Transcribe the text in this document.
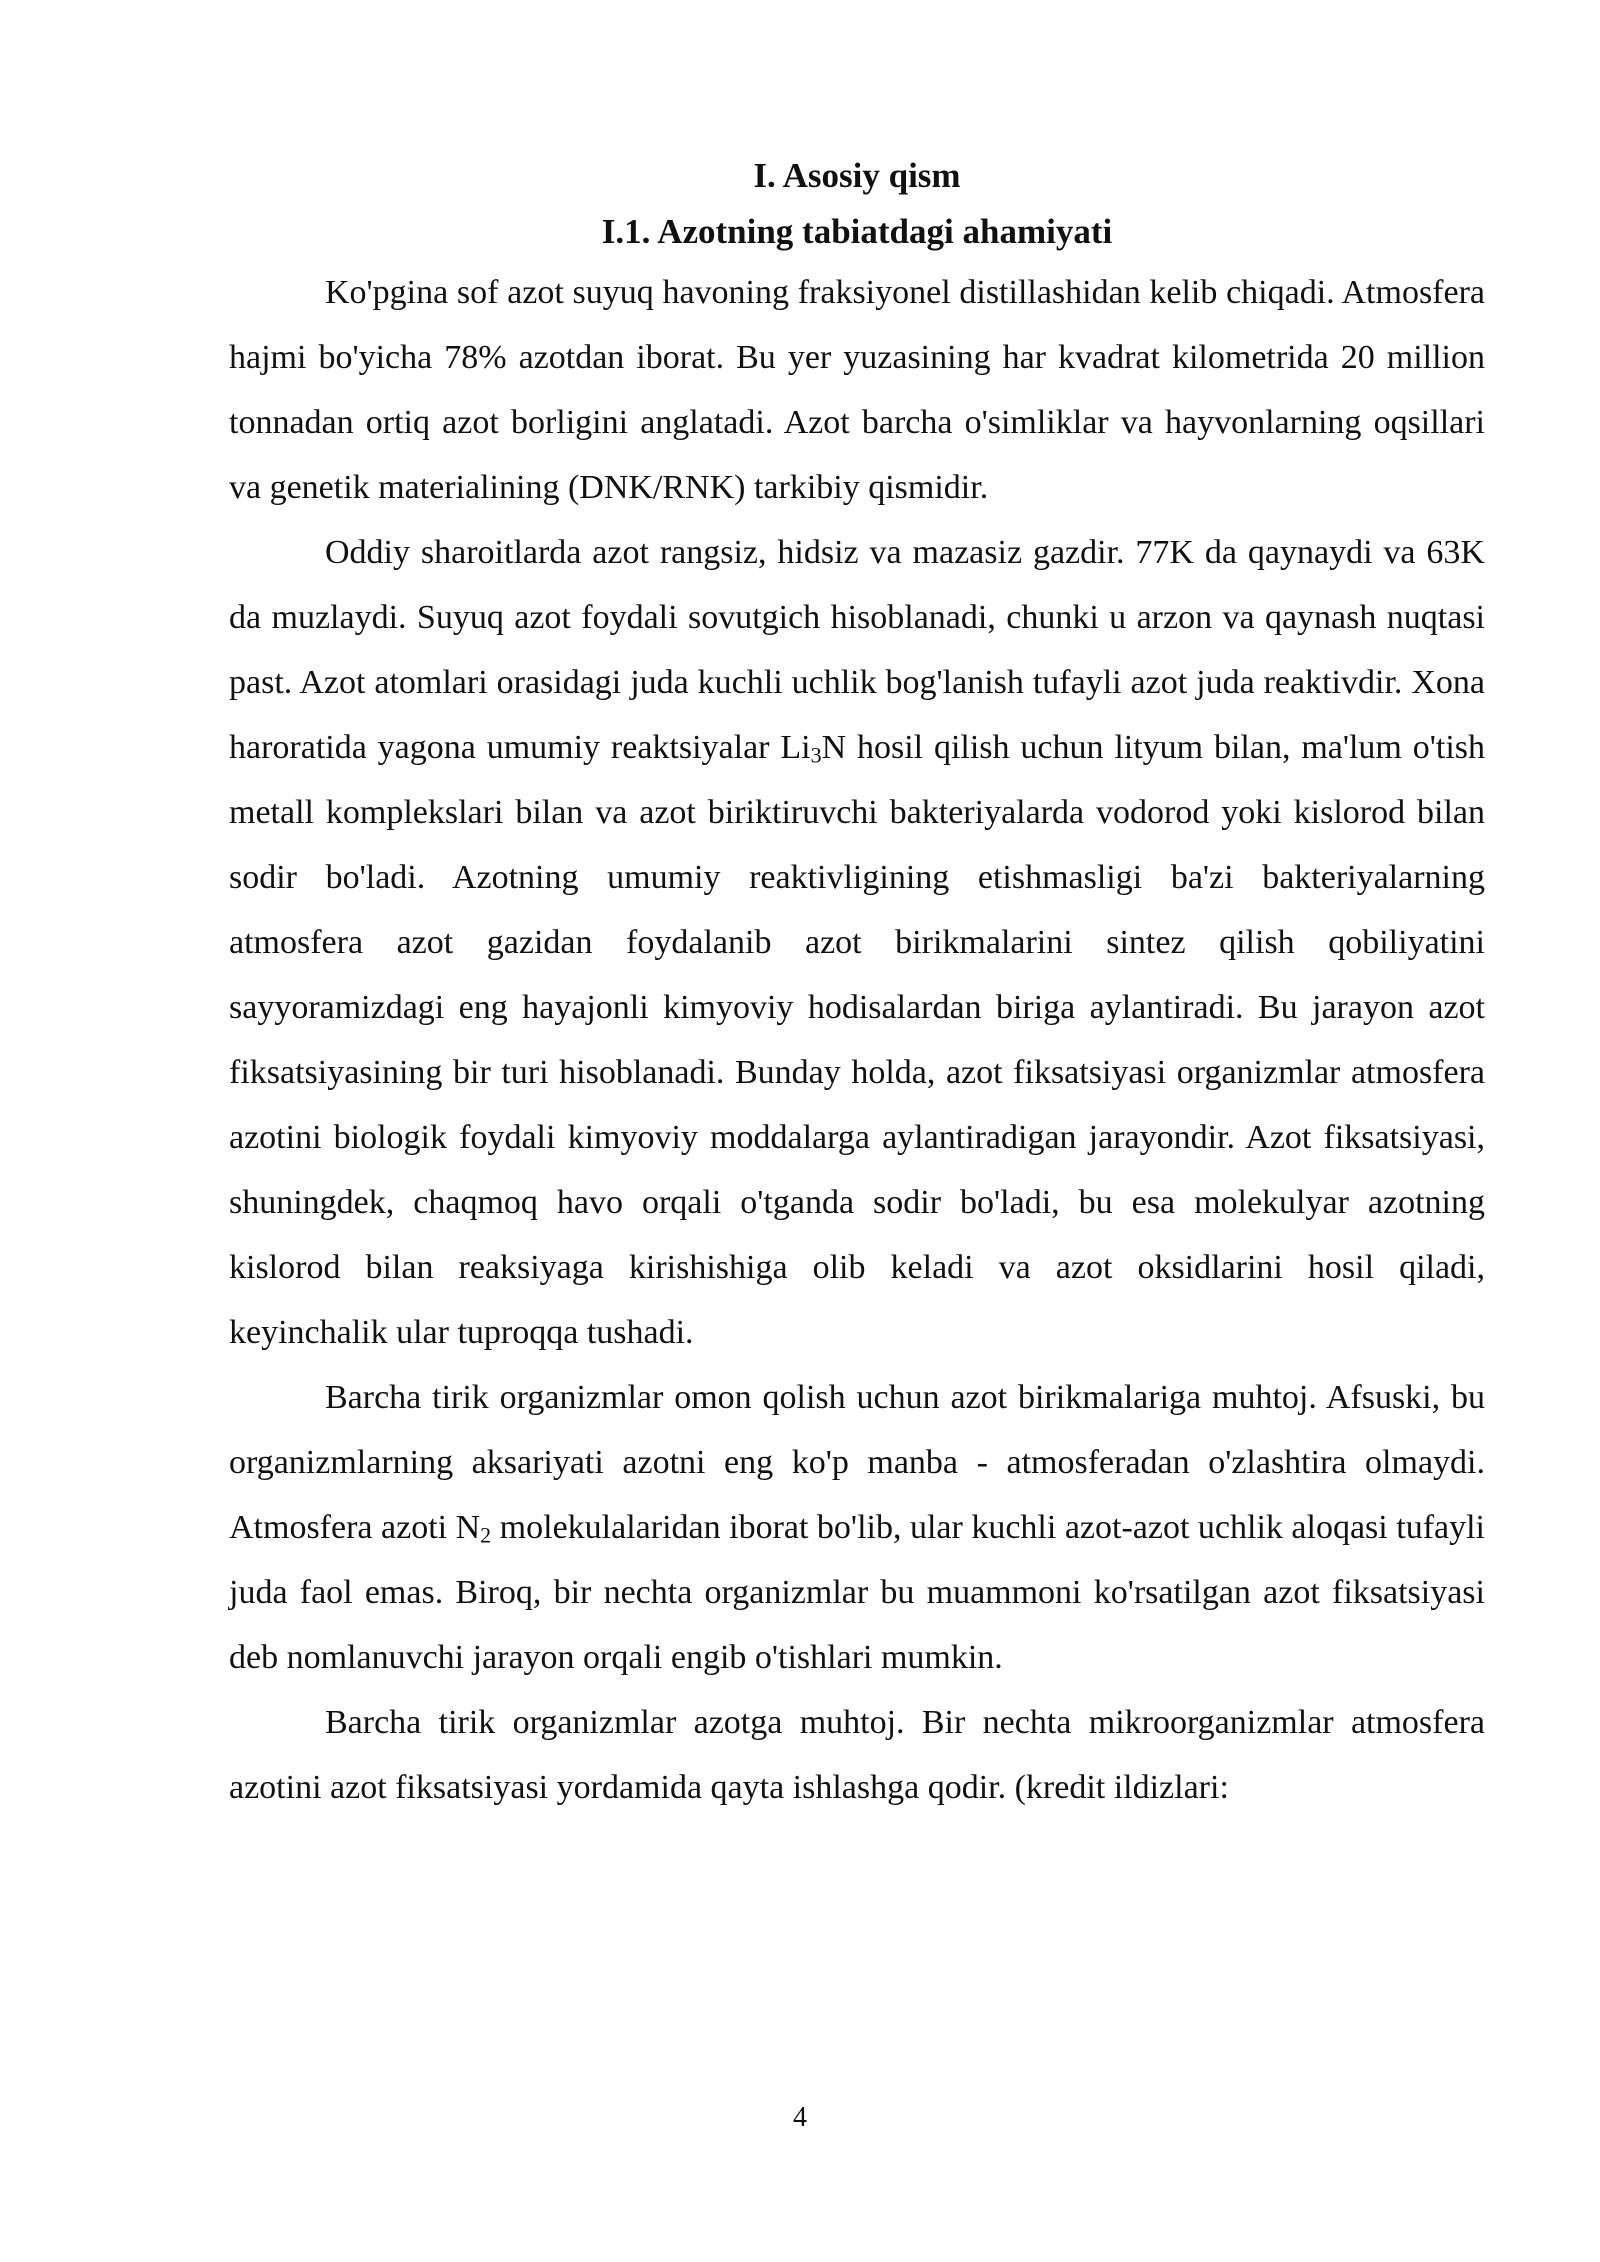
I. Asosiy qism
I.1. Azotning tabiatdagi ahamiyati

Ko'pgina sof azot suyuq havoning fraksiyonel distillashidan kelib chiqadi. Atmosfera hajmi bo'yicha 78% azotdan iborat. Bu yer yuzasining har kvadrat kilometrida 20 million tonnadan ortiq azot borligini anglatadi. Azot barcha o'simliklar va hayvonlarning oqsillari va genetik materialining (DNK/RNK) tarkibiy qismidir.

Oddiy sharoitlarda azot rangsiz, hidsiz va mazasiz gazdir. 77K da qaynaydi va 63K da muzlaydi. Suyuq azot foydali sovutgich hisoblanadi, chunki u arzon va qaynash nuqtasi past. Azot atomlari orasidagi juda kuchli uchlik bog'lanish tufayli azot juda reaktivdir. Xona haroratida yagona umumiy reaktsiyalar $Li_3N$ hosil qilish uchun lityum bilan, ma'lum o'tish metall komplekslari bilan va azot biriktiruvchi bakteriyalarda vodorod yoki kislorod bilan sodir bo'ladi. Azotning umumiy reaktivligining etishmasligi ba'zi bakteriyalarning atmosfera azot gazidan foydalanib azot birikmalarini sintez qilish qobiliyatini sayyoramizdagi eng hayajonli kimyoviy hodisalardan biriga aylantiradi. Bu jarayon azot fiksatsiyasining bir turi hisoblanadi. Bunday holda, azot fiksatsiyasi organizmlar atmosfera azotini biologik foydali kimyoviy moddalarga aylantiradigan jarayondir. Azot fiksatsiyasi, shuningdek, chaqmoq havo orqali o'tganda sodir bo'ladi, bu esa molekulyar azotning kislorod bilan reaksiyaga kirishishiga olib keladi va azot oksidlarini hosil qiladi, keyinchalik ular tuproqqa tushadi.

Barcha tirik organizmlar omon qolish uchun azot birikmalariga muhtoj. Afsuski, bu organizmlarning aksariyati azotni eng ko'p manba - atmosferadan o'zlashtira olmaydi. Atmosfera azoti $N_2$ molekulalaridan iborat bo'lib, ular kuchli azot-azot uchlik aloqasi tufayli juda faol emas. Biroq, bir nechta organizmlar bu muammoni ko'rsatilgan azot fiksatsiyasi deb nomlanuvchi jarayon orqali engib o'tishlari mumkin.

Barcha tirik organizmlar azotga muhtoj. Bir nechta mikroorganizmlar atmosfera azotini azot fiksatsiyasi yordamida qayta ishlashga qodir. (kredit ildizlari:

4
